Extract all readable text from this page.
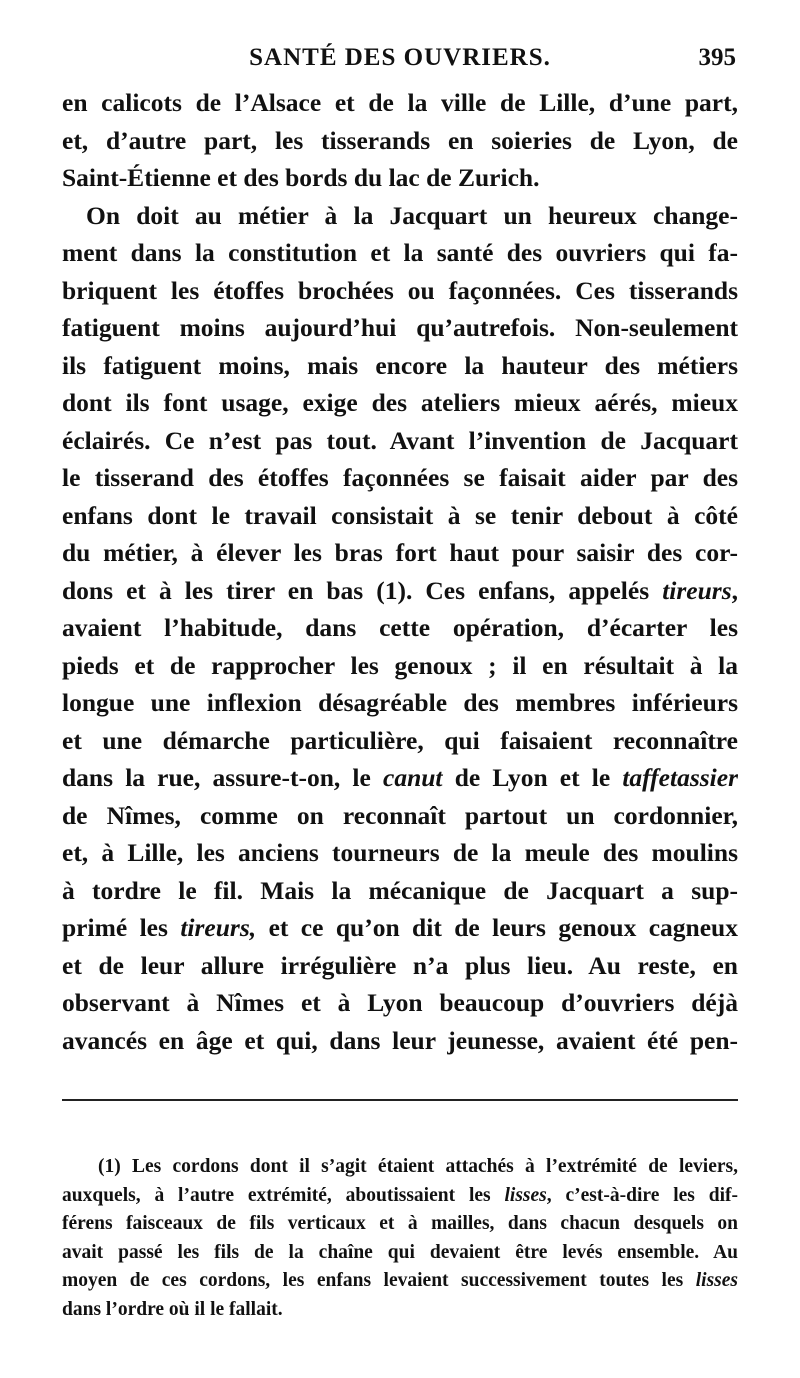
SANTÉ DES OUVRIERS.	395
en calicots de l’Alsace et de la ville de Lille, d’une part,
et, d’autre part, les tisserands en soieries de Lyon, de
Saint-Étienne et des bords du lac de Zurich.
On doit au métier à la Jacquart un heureux change-
ment dans la constitution et la santé des ouvriers qui fa-
briquent les étoffes brochées ou façonnées. Ces tisserands
fatiguent moins aujourd’hui qu’autrefois. Non-seulement
ils fatiguent moins, mais encore la hauteur des métiers
dont ils font usage, exige des ateliers mieux aérés, mieux
éclairés. Ce n’est pas tout. Avant l’invention de Jacquart
le tisserand des étoffes façonnées se faisait aider par des
enfans dont le travail consistait à se tenir debout à côté
du métier, à élever les bras fort haut pour saisir des cor-
dons et à les tirer en bas (1). Ces enfans, appelés tireurs,
avaient l’habitude, dans cette opération, d’écarter les
pieds et de rapprocher les genoux ; il en résultait à la
longue une inflexion désagréable des membres inférieurs
et une démarche particulière, qui faisaient reconnaître
dans la rue, assure-t-on, le canut de Lyon et le taffetassier
de Nîmes, comme on reconnaît partout un cordonnier,
et, à Lille, les anciens tourneurs de la meule des moulins
à tordre le fil. Mais la mécanique de Jacquart a sup-
primé les tireurs, et ce qu’on dit de leurs genoux cagneux
et de leur allure irrégulière n’a plus lieu. Au reste, en
observant à Nîmes et à Lyon beaucoup d’ouvriers déjà
avancés en âge et qui, dans leur jeunesse, avaient été pen-
(1) Les cordons dont il s’agit étaient attachés à l’extrémité de leviers,
auxquels, à l’autre extrémité, aboutissaient les lisses, c’est-à-dire les dif-
férens faisceaux de fils verticaux et à mailles, dans chacun desquels on
avait passé les fils de la chaîne qui devaient être levés ensemble. Au
moyen de ces cordons, les enfans levaient successivement toutes les lisses
dans l’ordre où il le fallait.
